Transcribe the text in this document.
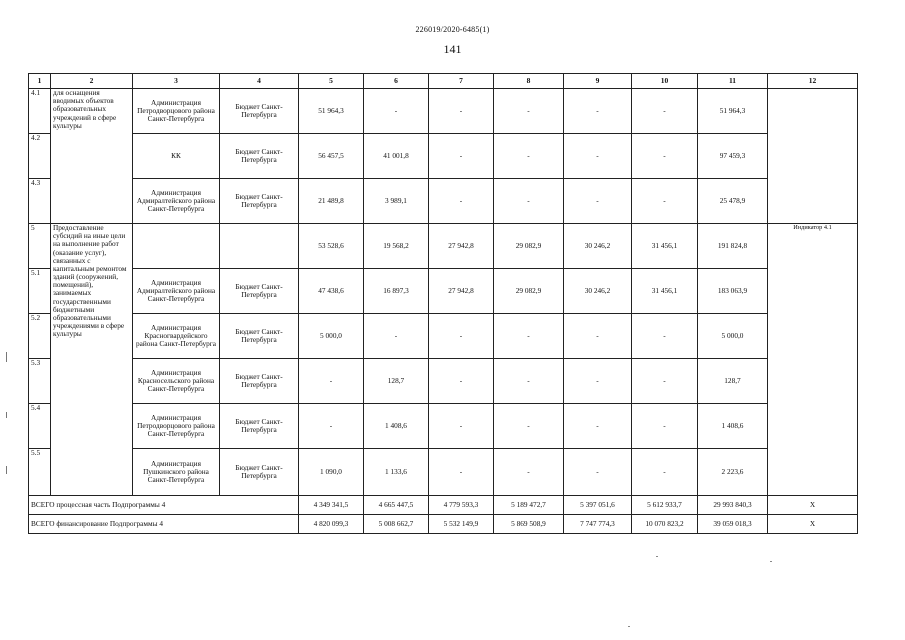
226019/2020-6485(1)
141
1	2	3	4	5	6	7	8	9	10	11	12
4.1	для оснащения вводимых объектов образовательных учреждений в сфере культуры	Администрация Петродворцового района Санкт-Петербурга	Бюджет Санкт-Петербурга	51 964,3	-	-	-	-	-	51 964,3	
4.2		КК	Бюджет Санкт-Петербурга	56 457,5	41 001,8	-	-	-	-	97 459,3	
4.3		Администрация Адмиралтейского района Санкт-Петербурга	Бюджет Санкт-Петербурга	21 489,8	3 989,1	-	-	-	-	25 478,9	
5	Предоставление субсидий на иные цели на выполнение работ (оказание услуг), связанных с капитальным ремонтом зданий (сооружений, помещений), занимаемых государственными бюджетными образовательными учреждениями в сфере культуры			53 528,6	19 568,2	27 942,8	29 082,9	30 246,2	31 456,1	191 824,8	Индикатор 4.1
5.1		Администрация Адмиралтейского района Санкт-Петербурга	Бюджет Санкт-Петербурга	47 438,6	16 897,3	27 942,8	29 082,9	30 246,2	31 456,1	183 063,9	
5.2		Администрация Красногвардейского района Санкт-Петербурга	Бюджет Санкт-Петербурга	5 000,0	-	-	-	-	-	5 000,0	
5.3		Администрация Красносельского района Санкт-Петербурга	Бюджет Санкт-Петербурга	-	128,7	-	-	-	-	128,7	
5.4		Администрация Петродворцового района Санкт-Петербурга	Бюджет Санкт-Петербурга	-	1 408,6	-	-	-	-	1 408,6	
5.5		Администрация Пушкинского района Санкт-Петербурга	Бюджет Санкт-Петербурга	1 090,0	1 133,6	-	-	-	-	2 223,6	
ВСЕГО процессная часть Подпрограммы 4				4 349 341,5	4 665 447,5	4 779 593,3	5 189 472,7	5 397 051,6	5 612 933,7	29 993 840,3	X
ВСЕГО финансирование Подпрограммы 4				4 820 099,3	5 008 662,7	5 532 149,9	5 869 508,9	7 747 774,3	10 070 823,2	39 059 018,3	X
